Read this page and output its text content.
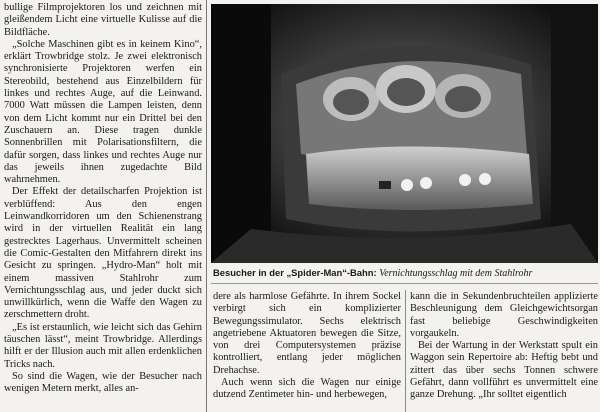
bullige Filmprojektoren los und zeichnen mit gleißendem Licht eine virtuelle Kulisse auf die Bildfläche.

„Solche Maschinen gibt es in keinem Kino“, erklärt Trowbridge stolz. Je zwei elektronisch synchronisierte Projektoren werfen ein Stereobild, bestehend aus Einzelbildern für linkes und rechtes Auge, auf die Leinwand. 7000 Watt müssen die Lampen leisten, denn von dem Licht kommt nur ein Drittel bei den Zuschauern an. Diese tragen dunkle Sonnenbrillen mit Polarisationsfiltern, die dafür sorgen, dass linkes und rechtes Auge nur das jeweils ihnen zugedachte Bild wahrnehmen.

Der Effekt der detailscharfen Projektion ist verblüffend: Aus den engen Leinwandkorridoren um den Schienenstrang wird in der virtuellen Realität ein lang gestrecktes Lagerhaus. Unvermittelt scheinen die Comic-Gestalten den Mitfahrern direkt ins Gesicht zu springen. „Hydro-Man“ holt mit einem massiven Stahlrohr zum Vernichtungsschlag aus, und jeder duckt sich unwillkürlich, wenn die Waffe den Wagen zu zerschmettern droht.

„Es ist erstaunlich, wie leicht sich das Gehirn täuschen lässt“, meint Trowbridge. Allerdings hilft er der Illusion auch mit allen erdenklichen Tricks nach.

So sind die Wagen, wie der Besucher nach wenigen Metern merkt, alles an-

Besucher in der „Spider-Man“-Bahn: Vernichtungsschlag mit dem Stahlrohr

dere als harmlose Gefährte. In ihrem Sockel verbirgt sich ein komplizierter Bewegungssimulator. Sechs elektrisch angetriebene Aktuatoren bewegen die Sitze, von drei Computersystemen präzise kontrolliert, entlang jeder möglichen Drehachse.

Auch wenn sich die Wagen nur einige dutzend Zentimeter hin- und herbewegen,

kann die in Sekundenbruchteilen applizierte Beschleunigung dem Gleichgewichtsorgan fast beliebige Geschwindigkeiten vorgaukeln.

Bei der Wartung in der Werkstatt spult ein Waggon sein Repertoire ab: Heftig bebt und zittert das über sechs Tonnen schwere Gefährt, dann vollführt es unvermittelt eine ganze Drehung. „Ihr solltet eigentlich
